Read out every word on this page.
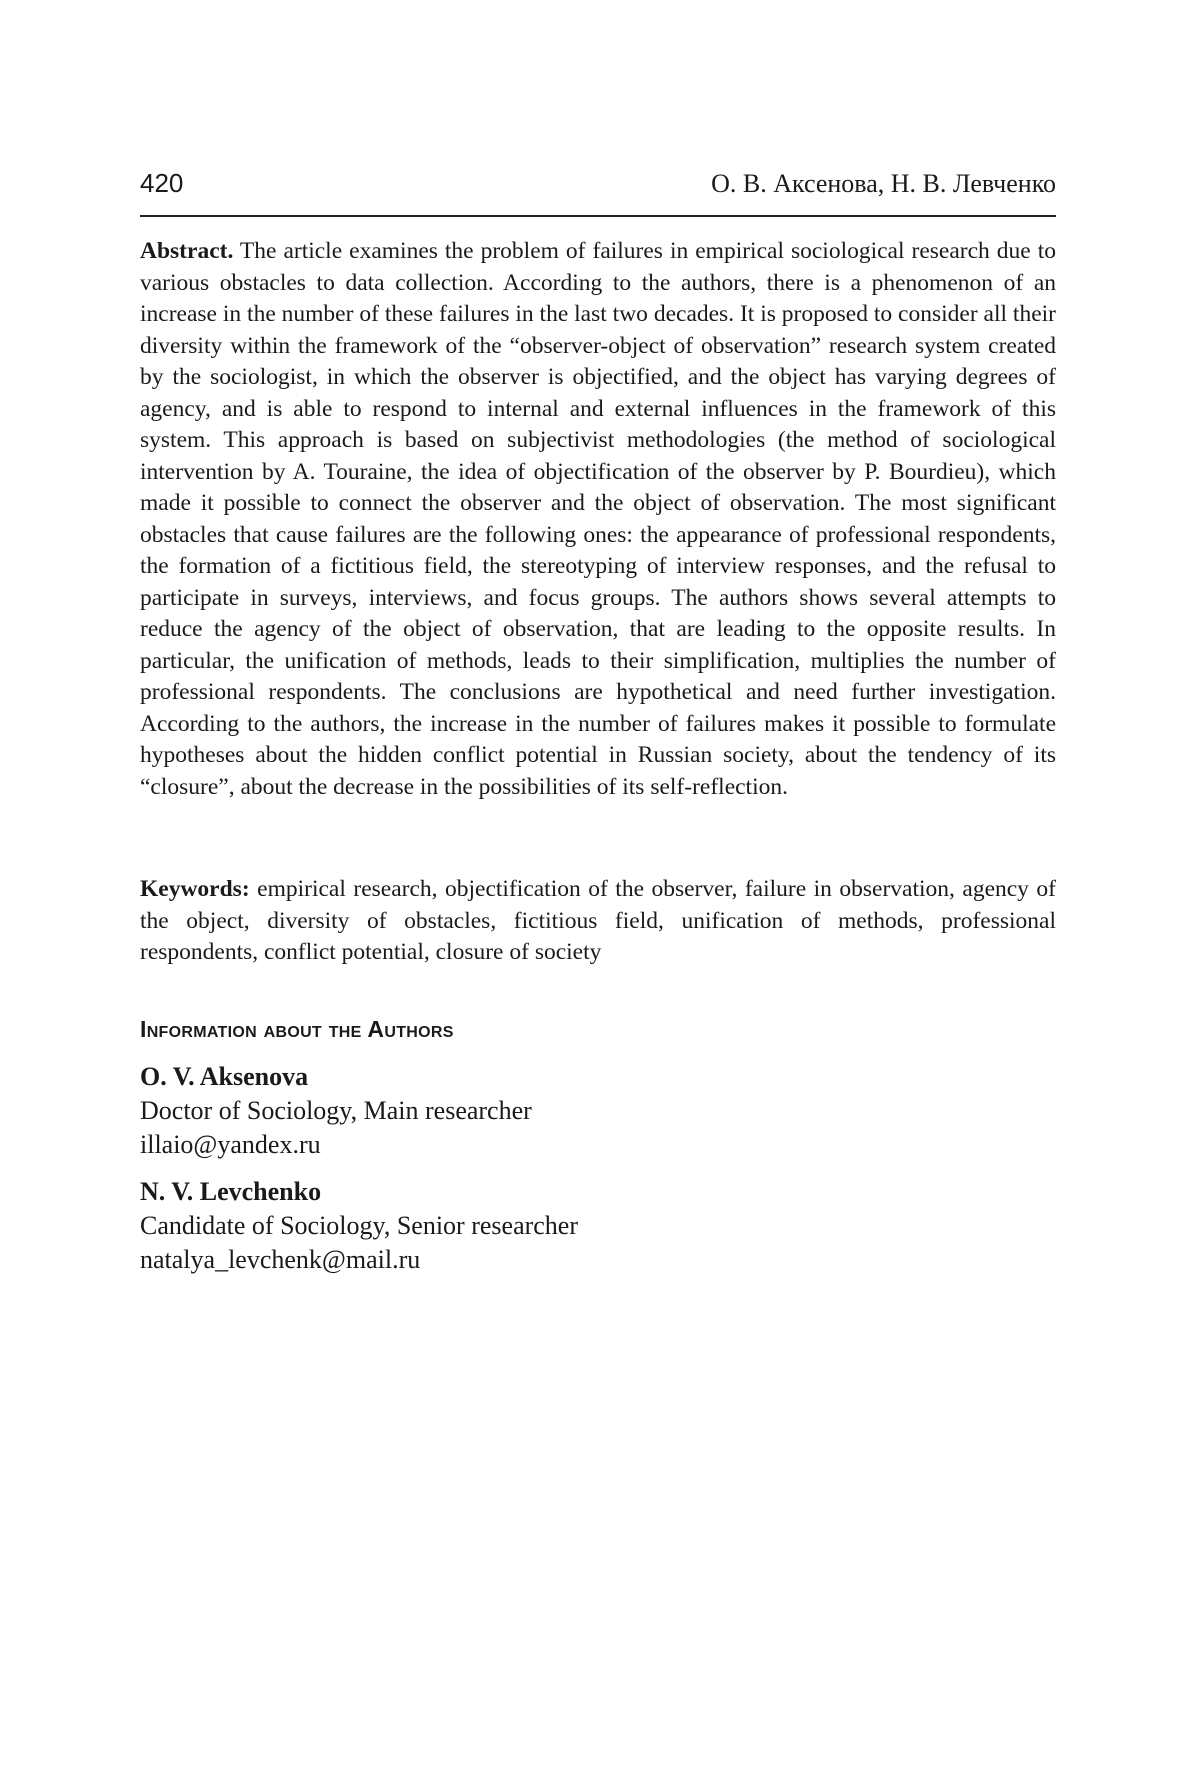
420	О. В. Аксенова, Н. В. Левченко

Abstract. The article examines the problem of failures in empirical sociological research due to various obstacles to data collection. According to the authors, there is a phenomenon of an increase in the number of these failures in the last two decades. It is proposed to consider all their diversity within the framework of the “observer-object of observation” research system created by the sociologist, in which the observer is objectified, and the object has varying degrees of agency, and is able to respond to internal and external influences in the framework of this system. This approach is based on subjectivist methodologies (the method of sociological intervention by A. Touraine, the idea of objectification of the observer by P. Bourdieu), which made it possible to connect the observer and the object of observation. The most significant obstacles that cause failures are the following ones: the appearance of professional respondents, the formation of a fictitious field, the stereotyping of interview responses, and the refusal to participate in surveys, interviews, and focus groups. The authors shows several attempts to reduce the agency of the object of observation, that are leading to the opposite results. In particular, the unification of methods, leads to their simplification, multiplies the number of professional respondents. The conclusions are hypothetical and need further investigation. According to the authors, the increase in the number of failures makes it possible to formulate hypotheses about the hidden conflict potential in Russian society, about the tendency of its “closure”, about the decrease in the possibilities of its self-reflection.

Keywords: empirical research, objectification of the observer, failure in observation, agency of the object, diversity of obstacles, fictitious field, unification of methods, professional respondents, conflict potential, closure of society

Information about the Authors
O. V. Aksenova
Doctor of Sociology, Main researcher
illaio@yandex.ru
N. V. Levchenko
Candidate of Sociology, Senior researcher
natalya_levchenk@mail.ru
